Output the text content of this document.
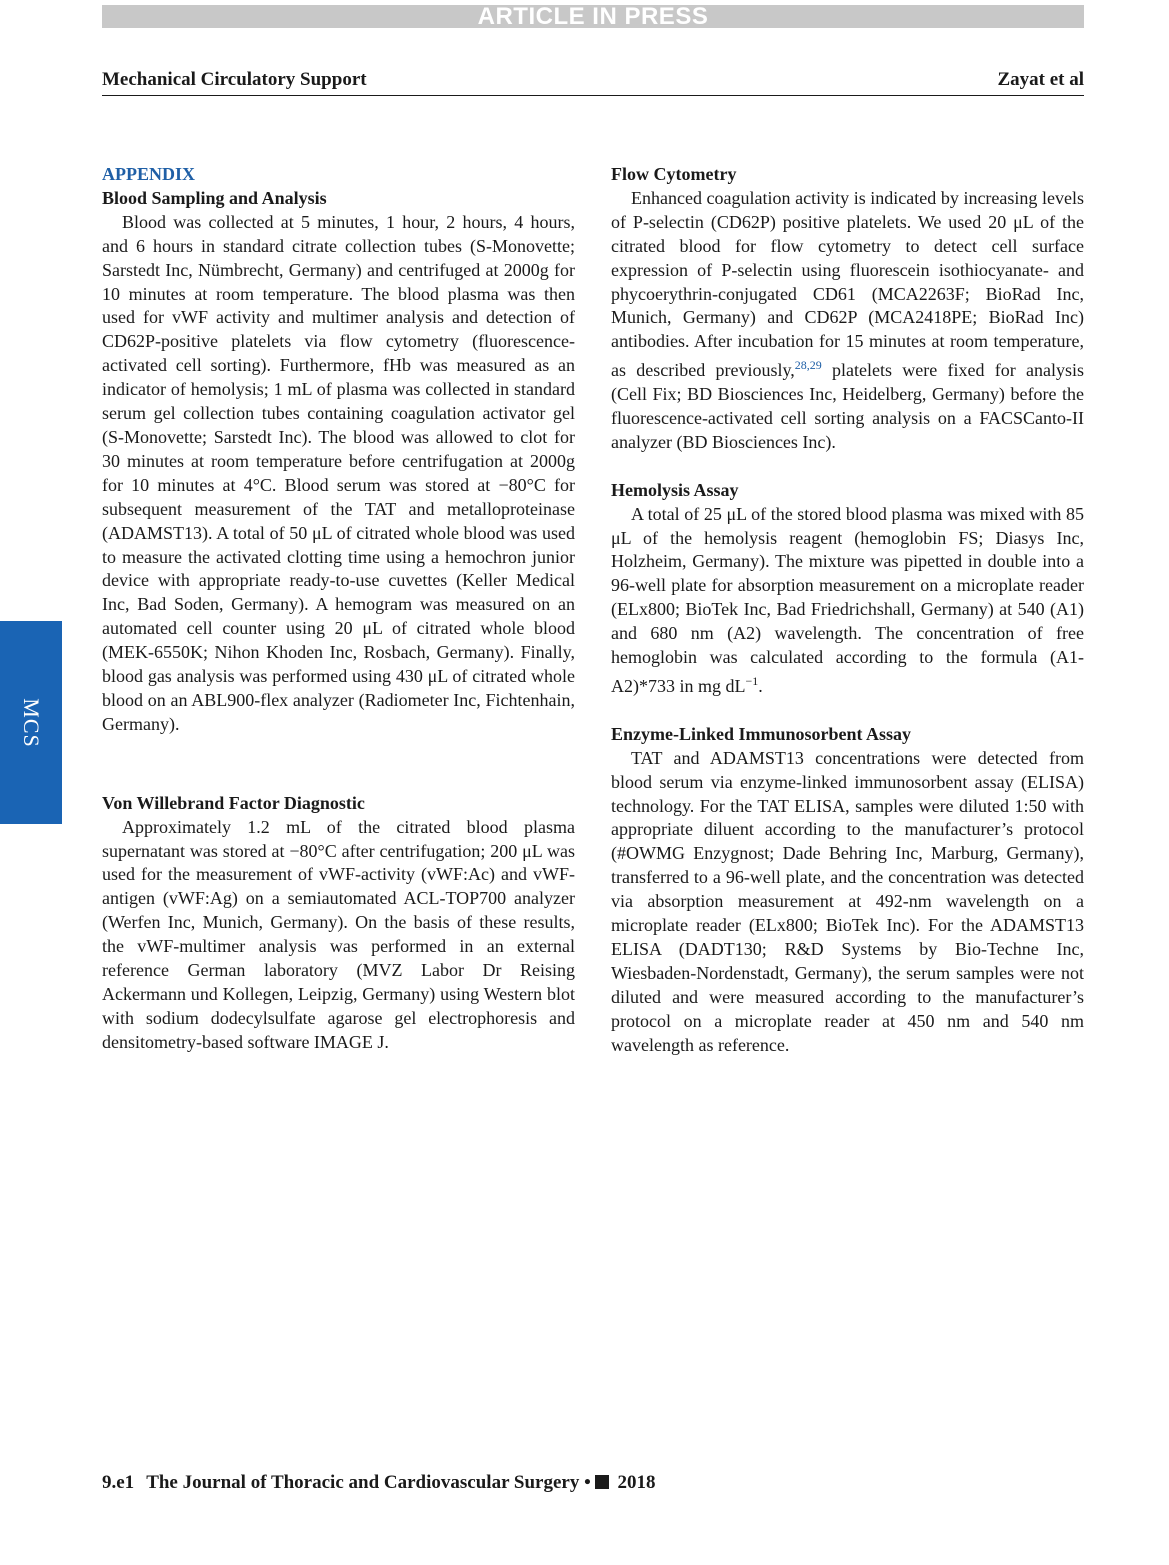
ARTICLE IN PRESS
Mechanical Circulatory Support	Zayat et al
MCS
APPENDIX
Blood Sampling and Analysis

Blood was collected at 5 minutes, 1 hour, 2 hours, 4 hours, and 6 hours in standard citrate collection tubes (S-Monovette; Sarstedt Inc, Nümbrecht, Germany) and centrifuged at 2000g for 10 minutes at room temperature. The blood plasma was then used for vWF activity and multimer analysis and detection of CD62P-positive platelets via flow cytometry (fluorescence-activated cell sorting). Furthermore, fHb was measured as an indicator of hemolysis; 1 mL of plasma was collected in standard serum gel collection tubes containing coagulation activator gel (S-Monovette; Sarstedt Inc). The blood was allowed to clot for 30 minutes at room temperature before centrifugation at 2000g for 10 minutes at 4°C. Blood serum was stored at −80°C for subsequent measurement of the TAT and metalloproteinase (ADAMST13). A total of 50 μL of citrated whole blood was used to measure the activated clotting time using a hemochron junior device with appropriate ready-to-use cuvettes (Keller Medical Inc, Bad Soden, Germany). A hemogram was measured on an automated cell counter using 20 μL of citrated whole blood (MEK-6550K; Nihon Khoden Inc, Rosbach, Germany). Finally, blood gas analysis was performed using 430 μL of citrated whole blood on an ABL900-flex analyzer (Radiometer Inc, Fichtenhain, Germany).

Von Willebrand Factor Diagnostic

Approximately 1.2 mL of the citrated blood plasma supernatant was stored at −80°C after centrifugation; 200 μL was used for the measurement of vWF-activity (vWF:Ac) and vWF-antigen (vWF:Ag) on a semiautomated ACL-TOP700 analyzer (Werfen Inc, Munich, Germany). On the basis of these results, the vWF-multimer analysis was performed in an external reference German laboratory (MVZ Labor Dr Reising Ackermann und Kollegen, Leipzig, Germany) using Western blot with sodium dodecylsulfate agarose gel electrophoresis and densitometry-based software IMAGE J.

Flow Cytometry

Enhanced coagulation activity is indicated by increasing levels of P-selectin (CD62P) positive platelets. We used 20 μL of the citrated blood for flow cytometry to detect cell surface expression of P-selectin using fluorescein isothiocyanate- and phycoerythrin-conjugated CD61 (MCA2263F; BioRad Inc, Munich, Germany) and CD62P (MCA2418PE; BioRad Inc) antibodies. After incubation for 15 minutes at room temperature, as described previously,$^{28,29}$ platelets were fixed for analysis (Cell Fix; BD Biosciences Inc, Heidelberg, Germany) before the fluorescence-activated cell sorting analysis on a FACSCanto-II analyzer (BD Biosciences Inc).

Hemolysis Assay

A total of 25 μL of the stored blood plasma was mixed with 85 μL of the hemolysis reagent (hemoglobin FS; Diasys Inc, Holzheim, Germany). The mixture was pipetted in double into a 96-well plate for absorption measurement on a microplate reader (ELx800; BioTek Inc, Bad Friedrichshall, Germany) at 540 (A1) and 680 nm (A2) wavelength. The concentration of free hemoglobin was calculated according to the formula (A1-A2)*733 in mg $dL^{-1}$.

Enzyme-Linked Immunosorbent Assay

TAT and ADAMST13 concentrations were detected from blood serum via enzyme-linked immunosorbent assay (ELISA) technology. For the TAT ELISA, samples were diluted 1:50 with appropriate diluent according to the manufacturer’s protocol (#OWMG Enzygnost; Dade Behring Inc, Marburg, Germany), transferred to a 96-well plate, and the concentration was detected via absorption measurement at 492-nm wavelength on a microplate reader (ELx800; BioTek Inc). For the ADAMST13 ELISA (DADT130; R&D Systems by Bio-Techne Inc, Wiesbaden-Nordenstadt, Germany), the serum samples were not diluted and were measured according to the manufacturer’s protocol on a microplate reader at 450 nm and 540 nm wavelength as reference.

9.e1 The Journal of Thoracic and Cardiovascular Surgery • 2018
